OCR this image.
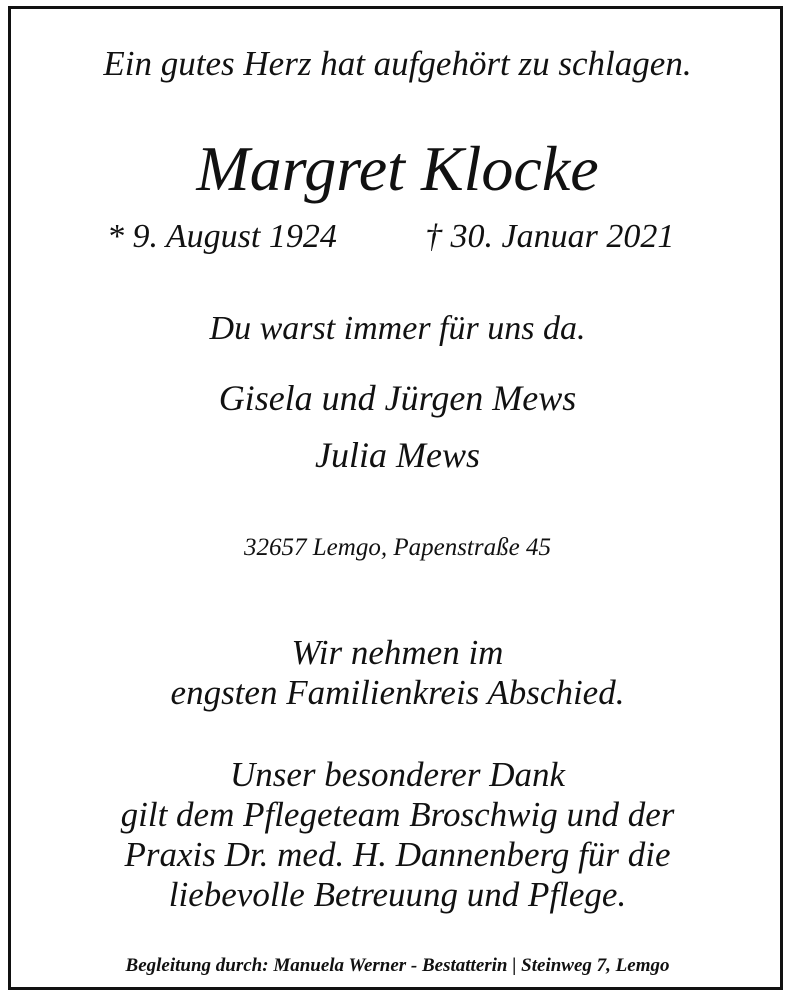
Ein gutes Herz hat aufgehört zu schlagen.
Margret Klocke
* 9. August 1924	† 30. Januar 2021
Du warst immer für uns da.
Gisela und Jürgen Mews
Julia Mews
32657 Lemgo, Papenstraße 45
Wir nehmen im
engsten Familienkreis Abschied.
Unser besonderer Dank
gilt dem Pflegeteam Broschwig und der
Praxis Dr. med. H. Dannenberg für die
liebevolle Betreuung und Pflege.
Begleitung durch: Manuela Werner - Bestatterin | Steinweg 7, Lemgo
